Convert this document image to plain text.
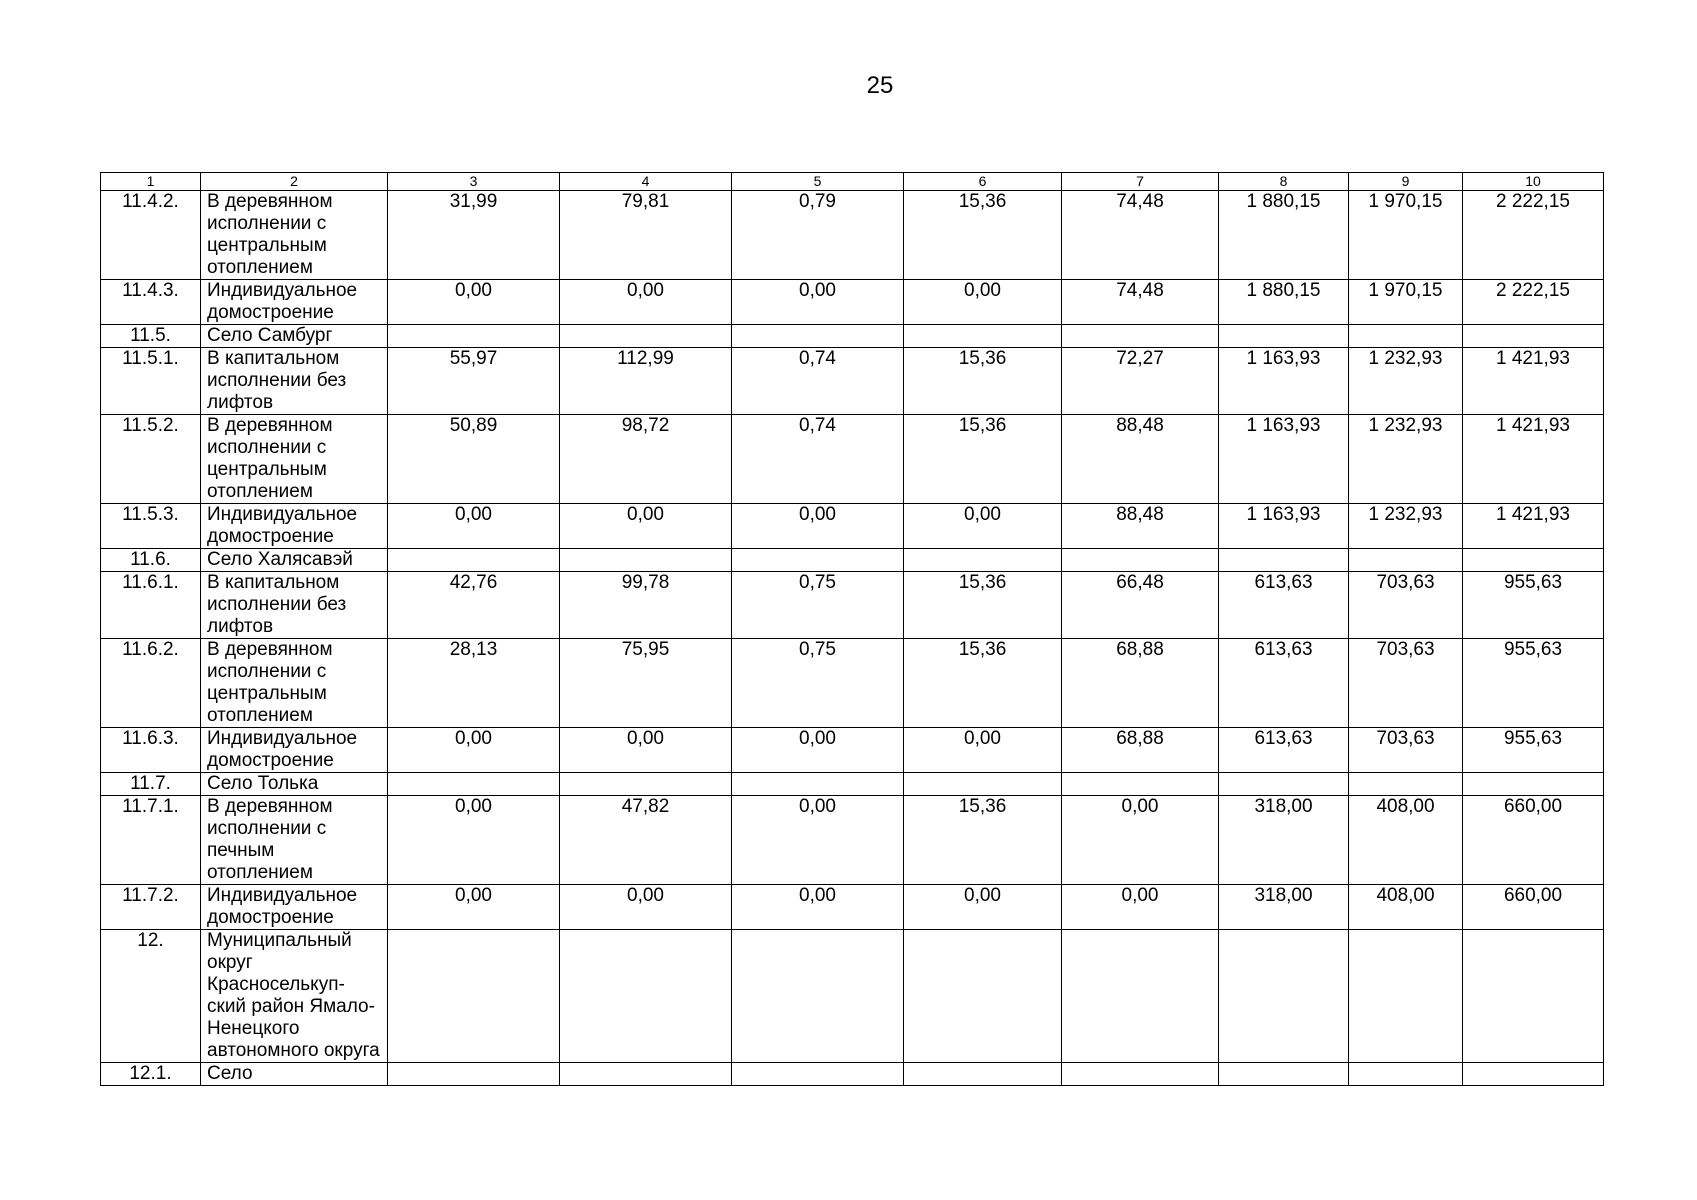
25
1	2	3	4	5	6	7	8	9	10
11.4.2.	В деревянном исполнении с центральным отоплением	31,99	79,81	0,79	15,36	74,48	1 880,15	1 970,15	2 222,15
11.4.3.	Индивидуальное домостроение	0,00	0,00	0,00	0,00	74,48	1 880,15	1 970,15	2 222,15
11.5.	Село Самбург								
11.5.1.	В капитальном исполнении без лифтов	55,97	112,99	0,74	15,36	72,27	1 163,93	1 232,93	1 421,93
11.5.2.	В деревянном исполнении с центральным отоплением	50,89	98,72	0,74	15,36	88,48	1 163,93	1 232,93	1 421,93
11.5.3.	Индивидуальное домостроение	0,00	0,00	0,00	0,00	88,48	1 163,93	1 232,93	1 421,93
11.6.	Село Халясавэй								
11.6.1.	В капитальном исполнении без лифтов	42,76	99,78	0,75	15,36	66,48	613,63	703,63	955,63
11.6.2.	В деревянном исполнении с центральным отоплением	28,13	75,95	0,75	15,36	68,88	613,63	703,63	955,63
11.6.3.	Индивидуальное домостроение	0,00	0,00	0,00	0,00	68,88	613,63	703,63	955,63
11.7.	Село Толька								
11.7.1.	В деревянном исполнении с печным отоплением	0,00	47,82	0,00	15,36	0,00	318,00	408,00	660,00
11.7.2.	Индивидуальное домостроение	0,00	0,00	0,00	0,00	0,00	318,00	408,00	660,00
12.	Муниципальный округ Красноселькуп-ский район Ямало-Ненецкого автономного округа								
12.1.	Село								
